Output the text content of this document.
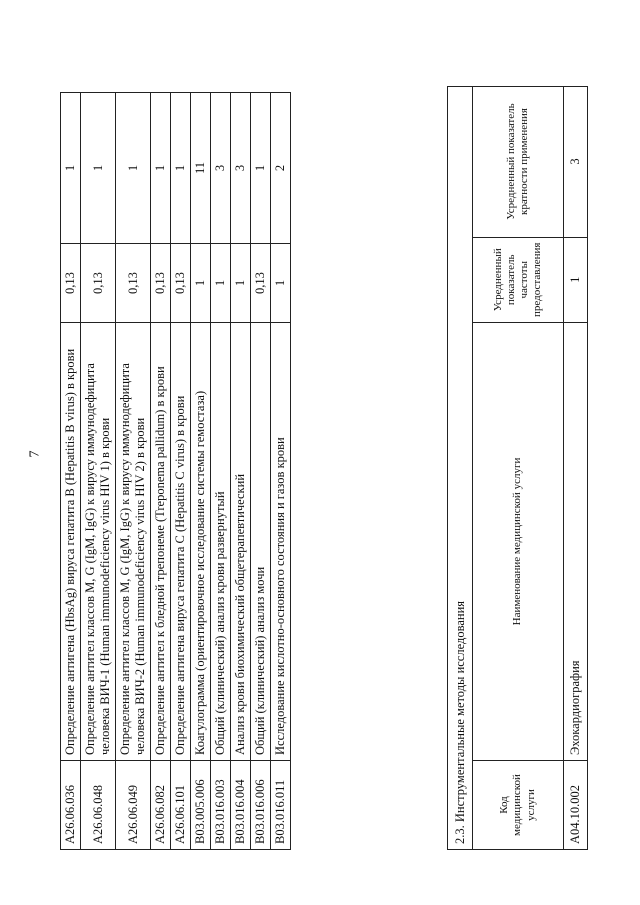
7
A26.06.036	Определение антигена (HbsAg) вируса гепатита В (Hepatitis B virus) в крови	0,13	1
A26.06.048	Определение антител классов M, G (IgM, IgG) к вирусу иммунодефицита человека ВИЧ-1 (Human immunodeficiency virus HIV 1) в крови	0,13	1
A26.06.049	Определение антител классов M, G (IgM, IgG) к вирусу иммунодефицита человека ВИЧ-2 (Human immunodeficiency virus HIV 2) в крови	0,13	1
A26.06.082	Определение антител к бледной трепонеме (Treponema pallidum) в крови	0,13	1
A26.06.101	Определение антигена вируса гепатита С (Hepatitis C virus) в крови	0,13	1
B03.005.006	Коагулограмма (ориентировочное исследование системы гемостаза)	1	11
B03.016.003	Общий (клинический) анализ крови развернутый	1	3
B03.016.004	Анализ крови биохимический общетерапевтический	1	3
B03.016.006	Общий (клинический) анализ мочи	0,13	1
B03.016.011	Исследование кислотно-основного состояния и газов крови	1	2
2.3. Инструментальные методы исследования			
Код медицинской услуги	Наименование медицинской услуги	Усредненный показатель частоты предоставления	Усредненный показатель кратности применения
A04.10.002	Эхокардиография	1	3
